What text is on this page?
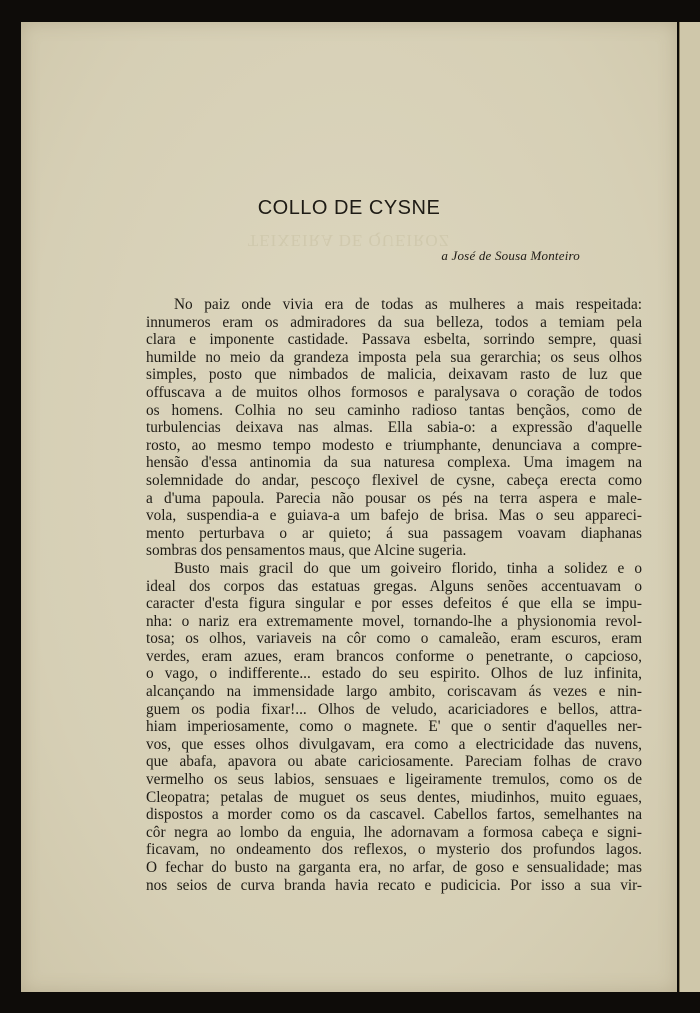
TEIXEIRA DE QUEIROZ
COLLO DE CYSNE
a José de Sousa Monteiro
No paiz onde vivia era de todas as mulheres a mais respeitada:
innumeros eram os admiradores da sua belleza, todos a temiam pela
clara e imponente castidade. Passava esbelta, sorrindo sempre, quasi
humilde no meio da grandeza imposta pela sua gerarchia; os seus olhos
simples, posto que nimbados de malicia, deixavam rasto de luz que
offuscava a de muitos olhos formosos e paralysava o coração de todos
os homens. Colhia no seu caminho radioso tantas bençãos, como de
turbulencias deixava nas almas. Ella sabia-o: a expressão d'aquelle
rosto, ao mesmo tempo modesto e triumphante, denunciava a compre-
hensão d'essa antinomia da sua naturesa complexa. Uma imagem na
solemnidade do andar, pescoço flexivel de cysne, cabeça erecta como
a d'uma papoula. Parecia não pousar os pés na terra aspera e male-
vola, suspendia-a e guiava-a um bafejo de brisa. Mas o seu appareci-
mento perturbava o ar quieto; á sua passagem voavam diaphanas
sombras dos pensamentos maus, que Alcine sugeria.
Busto mais gracil do que um goiveiro florido, tinha a solidez e o
ideal dos corpos das estatuas gregas. Alguns senões accentuavam o
caracter d'esta figura singular e por esses defeitos é que ella se impu-
nha: o nariz era extremamente movel, tornando-lhe a physionomia revol-
tosa; os olhos, variaveis na côr como o camaleão, eram escuros, eram
verdes, eram azues, eram brancos conforme o penetrante, o capcioso,
o vago, o indifferente... estado do seu espirito. Olhos de luz infinita,
alcançando na immensidade largo ambito, coriscavam ás vezes e nin-
guem os podia fixar!... Olhos de veludo, acariciadores e bellos, attra-
hiam imperiosamente, como o magnete. E' que o sentir d'aquelles ner-
vos, que esses olhos divulgavam, era como a electricidade das nuvens,
que abafa, apavora ou abate cariciosamente. Pareciam folhas de cravo
vermelho os seus labios, sensuaes e ligeiramente tremulos, como os de
Cleopatra; petalas de muguet os seus dentes, miudinhos, muito eguaes,
dispostos a morder como os da cascavel. Cabellos fartos, semelhantes na
côr negra ao lombo da enguia, lhe adornavam a formosa cabeça e signi-
ficavam, no ondeamento dos reflexos, o mysterio dos profundos lagos.
O fechar do busto na garganta era, no arfar, de goso e sensualidade; mas
nos seios de curva branda havia recato e pudicicia. Por isso a sua vir-
